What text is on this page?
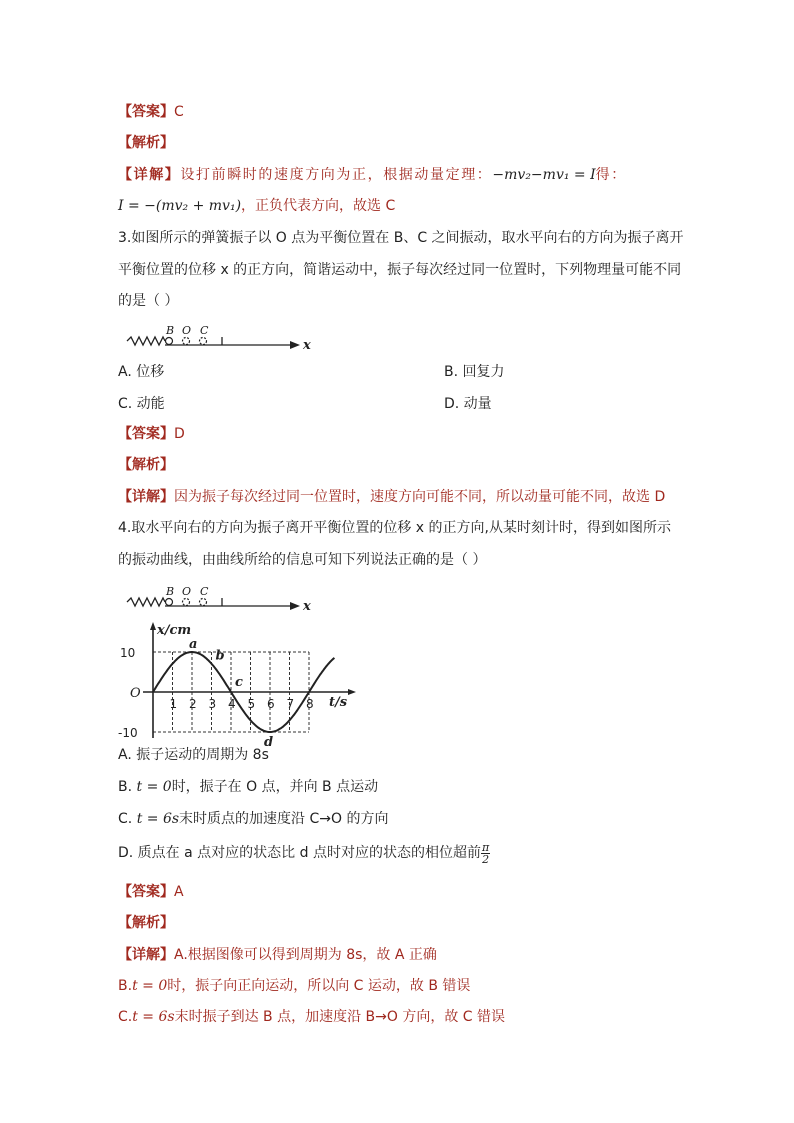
【答案】C
【解析】
【详解】设打前瞬时的速度方向为正，根据动量定理：−mv₂−mv₁ = I得：
I = −(mv₂ + mv₁)，正负代表方向，故选 C
3.如图所示的弹簧振子以 O 点为平衡位置在 B、C 之间振动，取水平向右的方向为振子离开
平衡位置的位移 x 的正方向，简谐运动中，振子每次经过同一位置时，下列物理量可能不同
的是（ ）
B O C
x
A. 位移	B. 回复力
C. 动能	D. 动量
【答案】D
【解析】
【详解】因为振子每次经过同一位置时，速度方向可能不同，所以动量可能不同，故选 D
4.取水平向右的方向为振子离开平衡位置的位移 x 的正方向,从某时刻计时，得到如图所示
的振动曲线，由曲线所给的信息可知下列说法正确的是（ ）
B O C
x
a
b
c
d
1 2 3 4 5 6 7 8
10
O
-10
x/cm
t/s
A. 振子运动的周期为 8s
B. t = 0时，振子在 O 点，并向 B 点运动
C. t = 6s末时质点的加速度沿 C→O 的方向
D. 质点在 a 点对应的状态比 d 点时对应的状态的相位超前 $\frac{\pi}{2}$
【答案】A
【解析】
【详解】A.根据图像可以得到周期为 8s，故 A 正确
B.t = 0时，振子向正向运动，所以向 C 运动，故 B 错误
C.t = 6s末时振子到达 B 点，加速度沿 B→O 方向，故 C 错误
